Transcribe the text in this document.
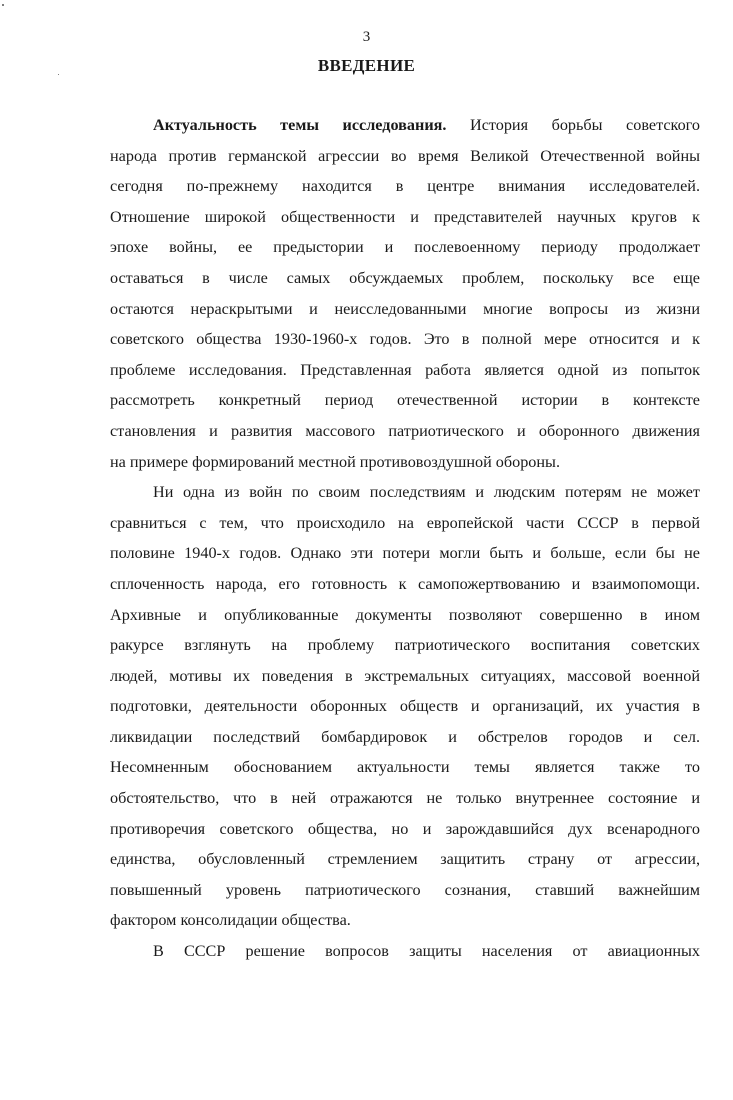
3
ВВЕДЕНИЕ
Актуальность темы исследования. История борьбы советского
народа против германской агрессии во время Великой Отечественной войны
сегодня по-прежнему находится в центре внимания исследователей.
Отношение широкой общественности и представителей научных кругов к
эпохе войны, ее предыстории и послевоенному периоду продолжает
оставаться в числе самых обсуждаемых проблем, поскольку все еще
остаются нераскрытыми и неисследованными многие вопросы из жизни
советского общества 1930-1960-х годов. Это в полной мере относится и к
проблеме исследования. Представленная работа является одной из попыток
рассмотреть конкретный период отечественной истории в контексте
становления и развития массового патриотического и оборонного движения
на примере формирований местной противовоздушной обороны.
Ни одна из войн по своим последствиям и людским потерям не может
сравниться с тем, что происходило на европейской части СССР в первой
половине 1940-х годов. Однако эти потери могли быть и больше, если бы не
сплоченность народа, его готовность к самопожертвованию и взаимопомощи.
Архивные и опубликованные документы позволяют совершенно в ином
ракурсе взглянуть на проблему патриотического воспитания советских
людей, мотивы их поведения в экстремальных ситуациях, массовой военной
подготовки, деятельности оборонных обществ и организаций, их участия в
ликвидации последствий бомбардировок и обстрелов городов и сел.
Несомненным обоснованием актуальности темы является также то
обстоятельство, что в ней отражаются не только внутреннее состояние и
противоречия советского общества, но и зарождавшийся дух всенародного
единства, обусловленный стремлением защитить страну от агрессии,
повышенный уровень патриотического сознания, ставший важнейшим
фактором консолидации общества.
В СССР решение вопросов защиты населения от авиационных
